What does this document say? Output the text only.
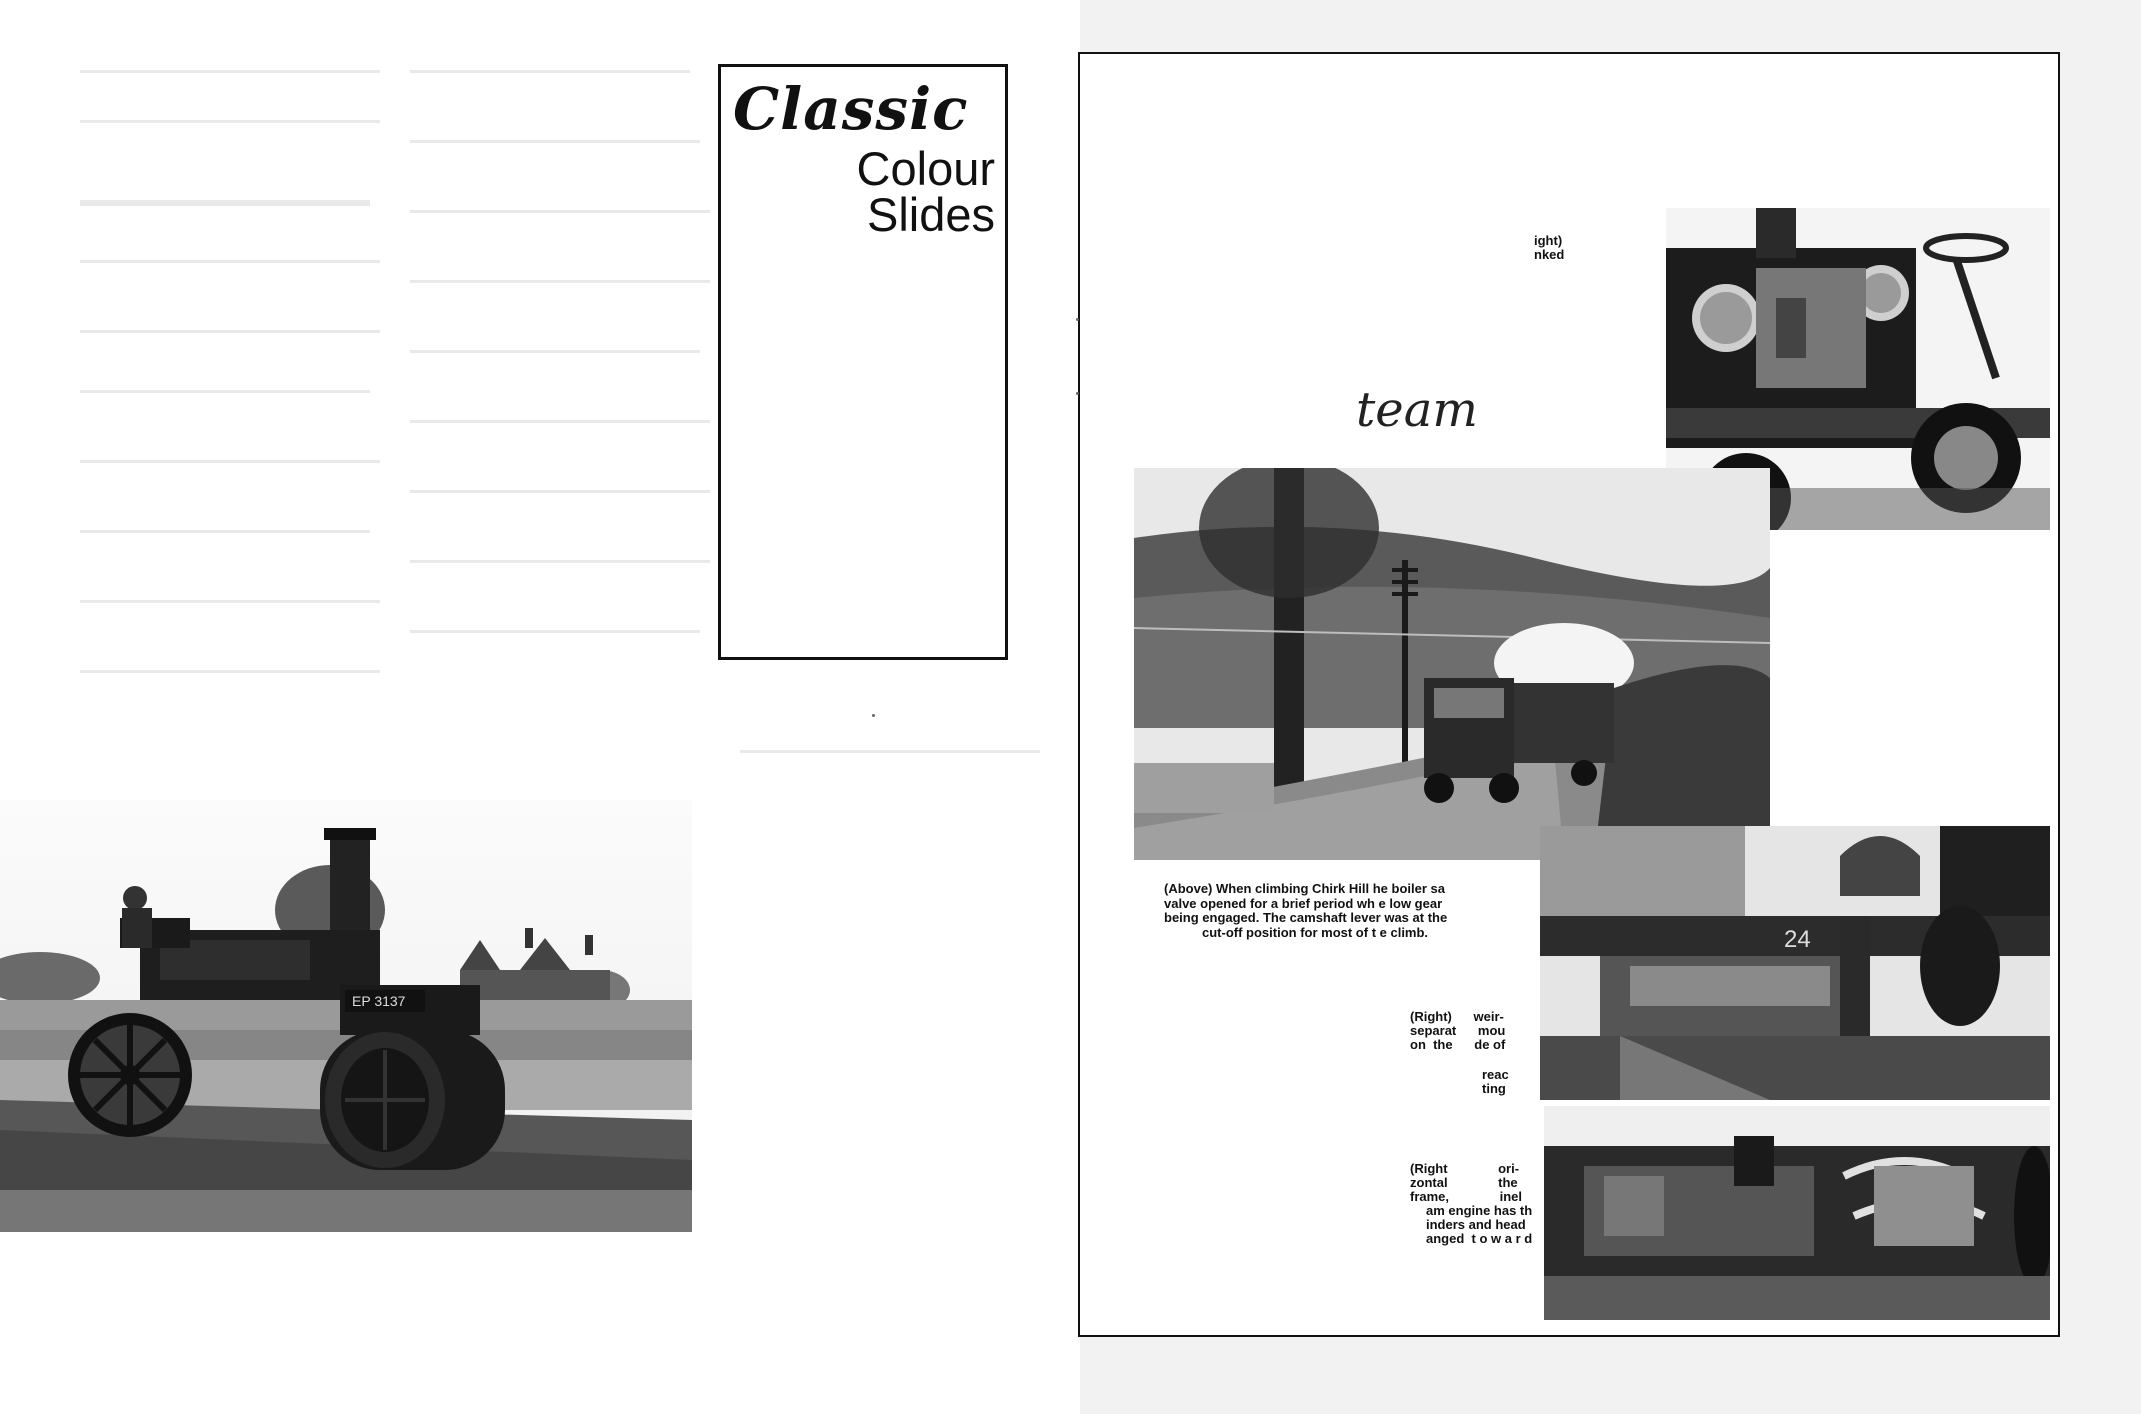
Classic
Colour
Slides
EP 3137
team
ight)
nked
(Above) When climbing Chirk Hill he boiler sa
valve opened for a brief period wh e low gear
being engaged. The camshaft lever was at the
cut-off position for most of t e climb.	24
(Right)      weir-
separat      mou
on  the      de of
reac
ting
(Right              ori-
zontal              the
frame,              inel
am engine has th
inders and head
anged  t o w a r d
